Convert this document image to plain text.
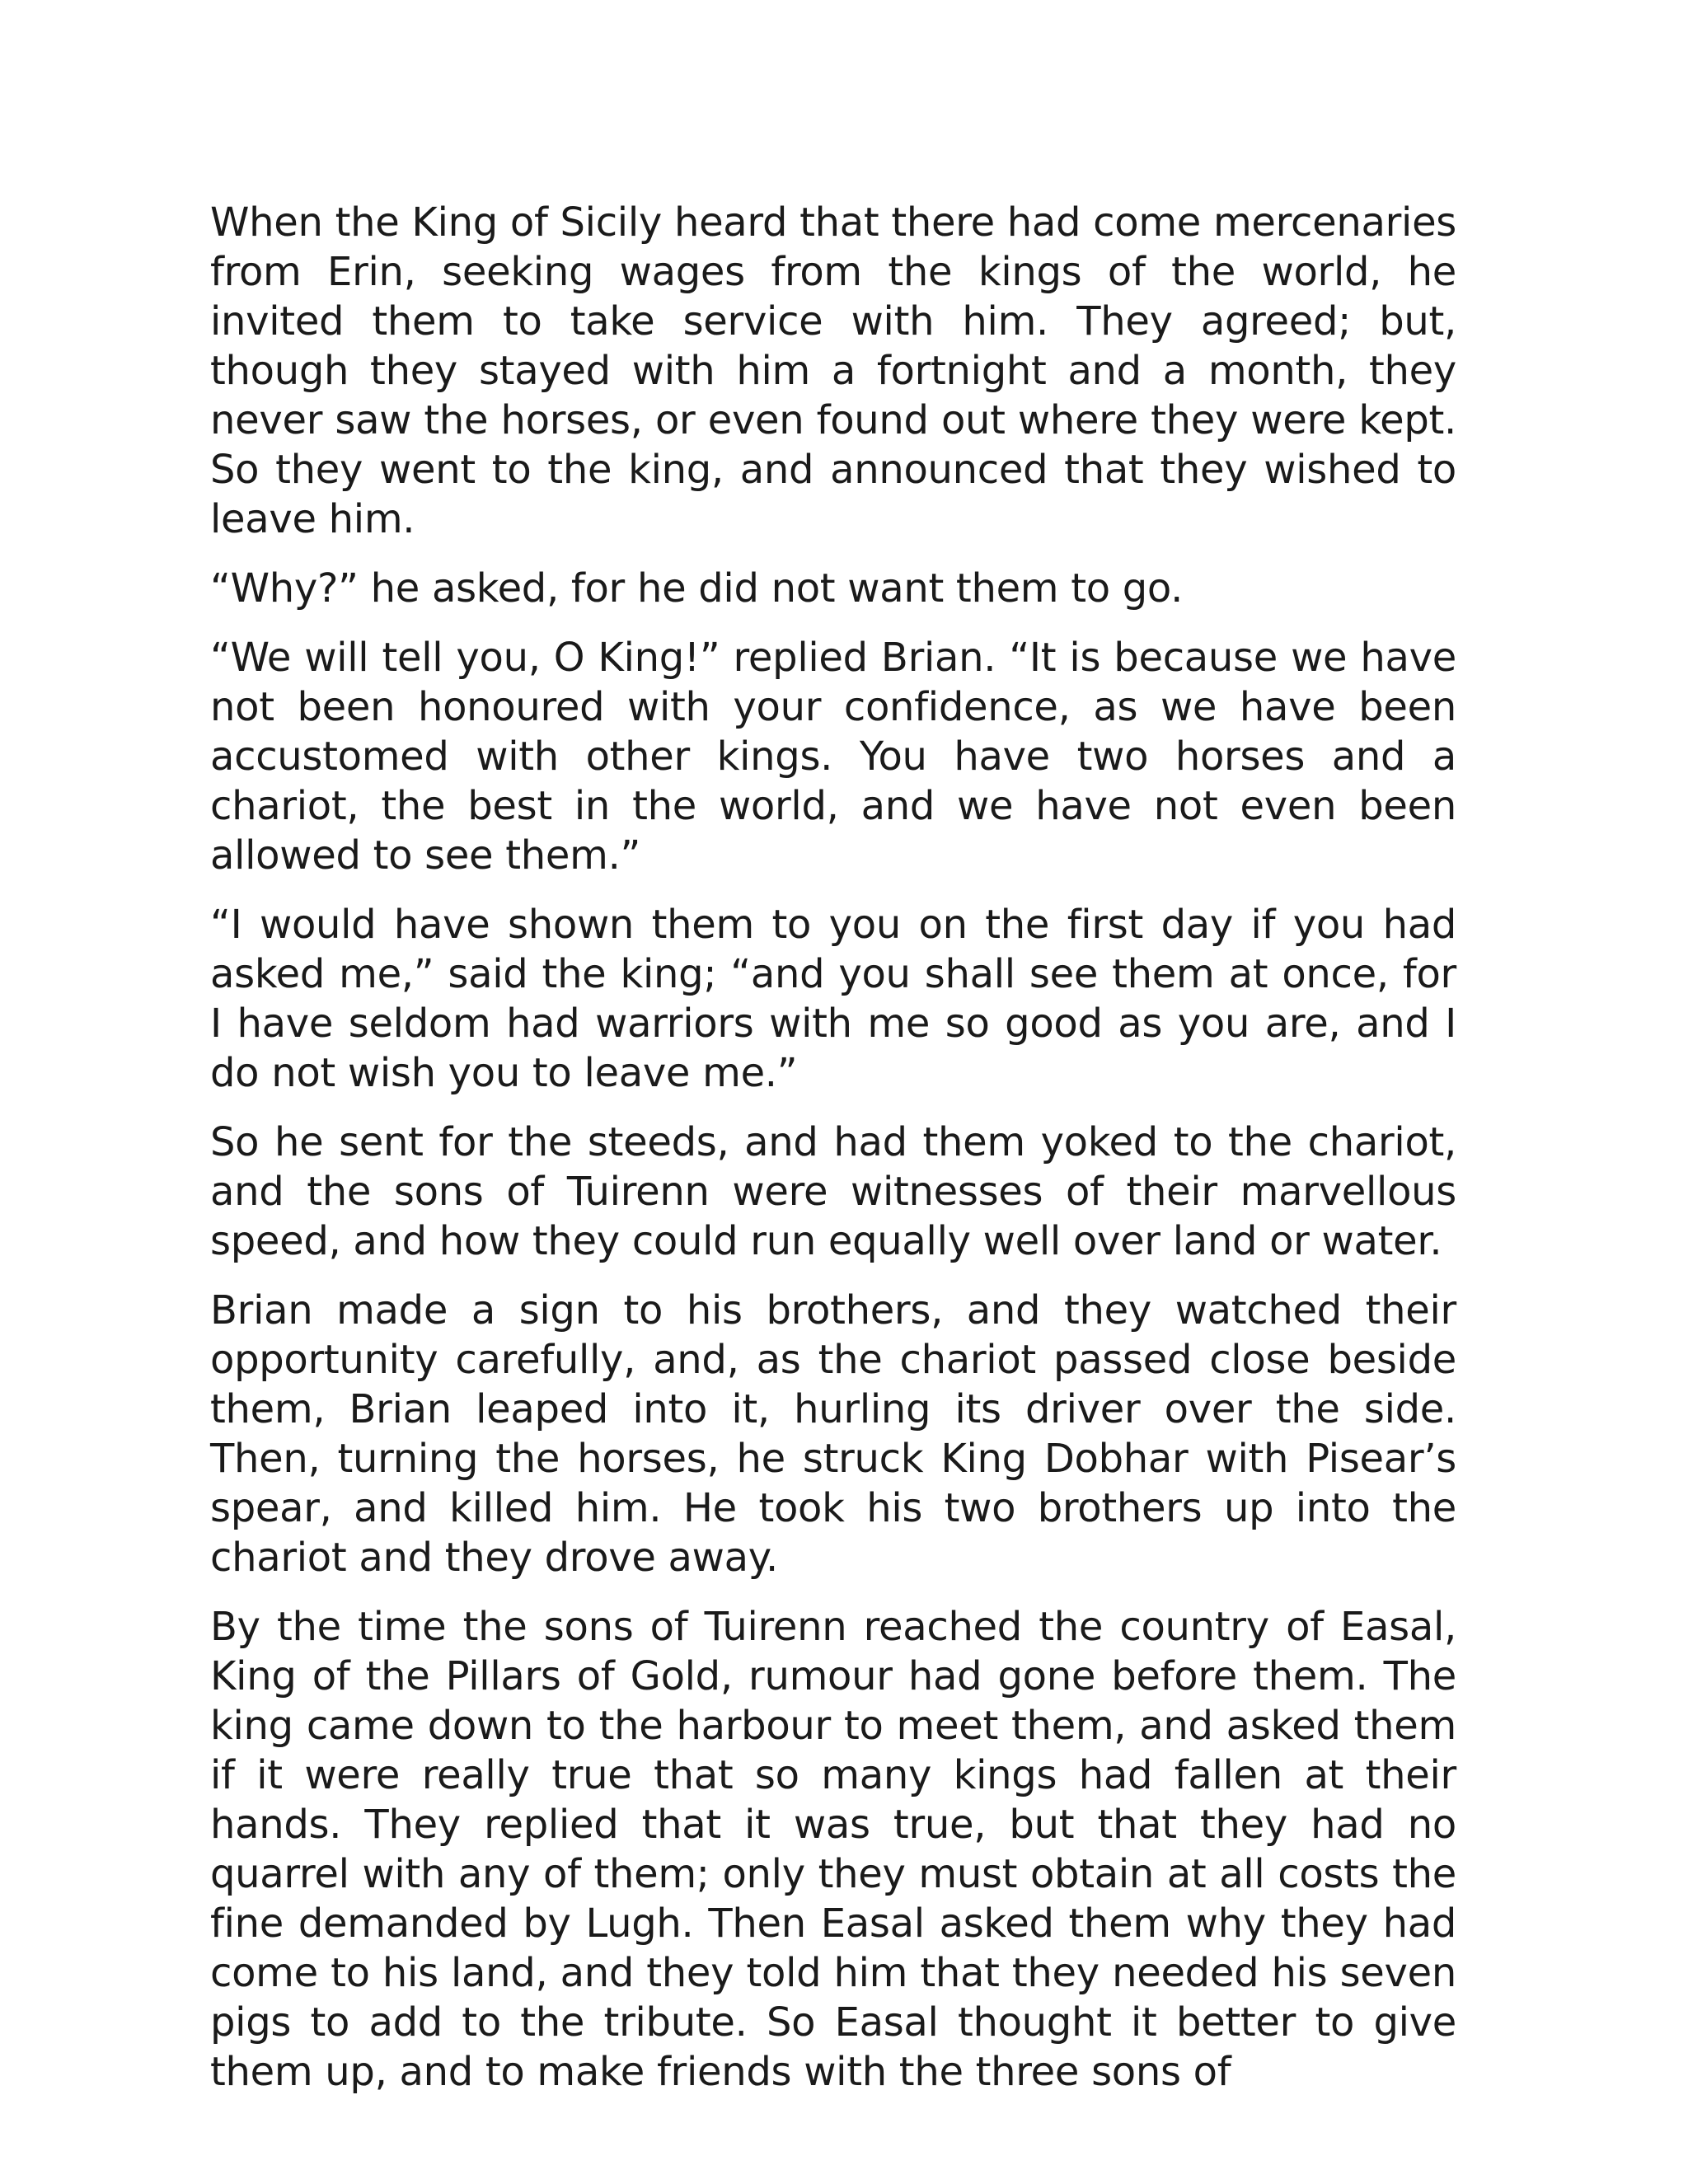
When the King of Sicily heard that there had come mercenaries from Erin, seeking wages from the kings of the world, he invited them to take service with him. They agreed; but, though they stayed with him a fortnight and a month, they never saw the horses, or even found out where they were kept. So they went to the king, and announced that they wished to leave him.

“Why?” he asked, for he did not want them to go.

“We will tell you, O King!” replied Brian. “It is because we have not been honoured with your confidence, as we have been accustomed with other kings. You have two horses and a chariot, the best in the world, and we have not even been allowed to see them.”

“I would have shown them to you on the first day if you had asked me,” said the king; “and you shall see them at once, for I have seldom had warriors with me so good as you are, and I do not wish you to leave me.”

So he sent for the steeds, and had them yoked to the chariot, and the sons of Tuirenn were witnesses of their marvellous speed, and how they could run equally well over land or water.

Brian made a sign to his brothers, and they watched their opportunity carefully, and, as the chariot passed close beside them, Brian leaped into it, hurling its driver over the side. Then, turning the horses, he struck King Dobhar with Pisear’s spear, and killed him. He took his two brothers up into the chariot and they drove away.

By the time the sons of Tuirenn reached the country of Easal, King of the Pillars of Gold, rumour had gone before them. The king came down to the harbour to meet them, and asked them if it were really true that so many kings had fallen at their hands. They replied that it was true, but that they had no quarrel with any of them; only they must obtain at all costs the fine demanded by Lugh. Then Easal asked them why they had come to his land, and they told him that they needed his seven pigs to add to the tribute. So Easal thought it better to give them up, and to make friends with the three sons of
